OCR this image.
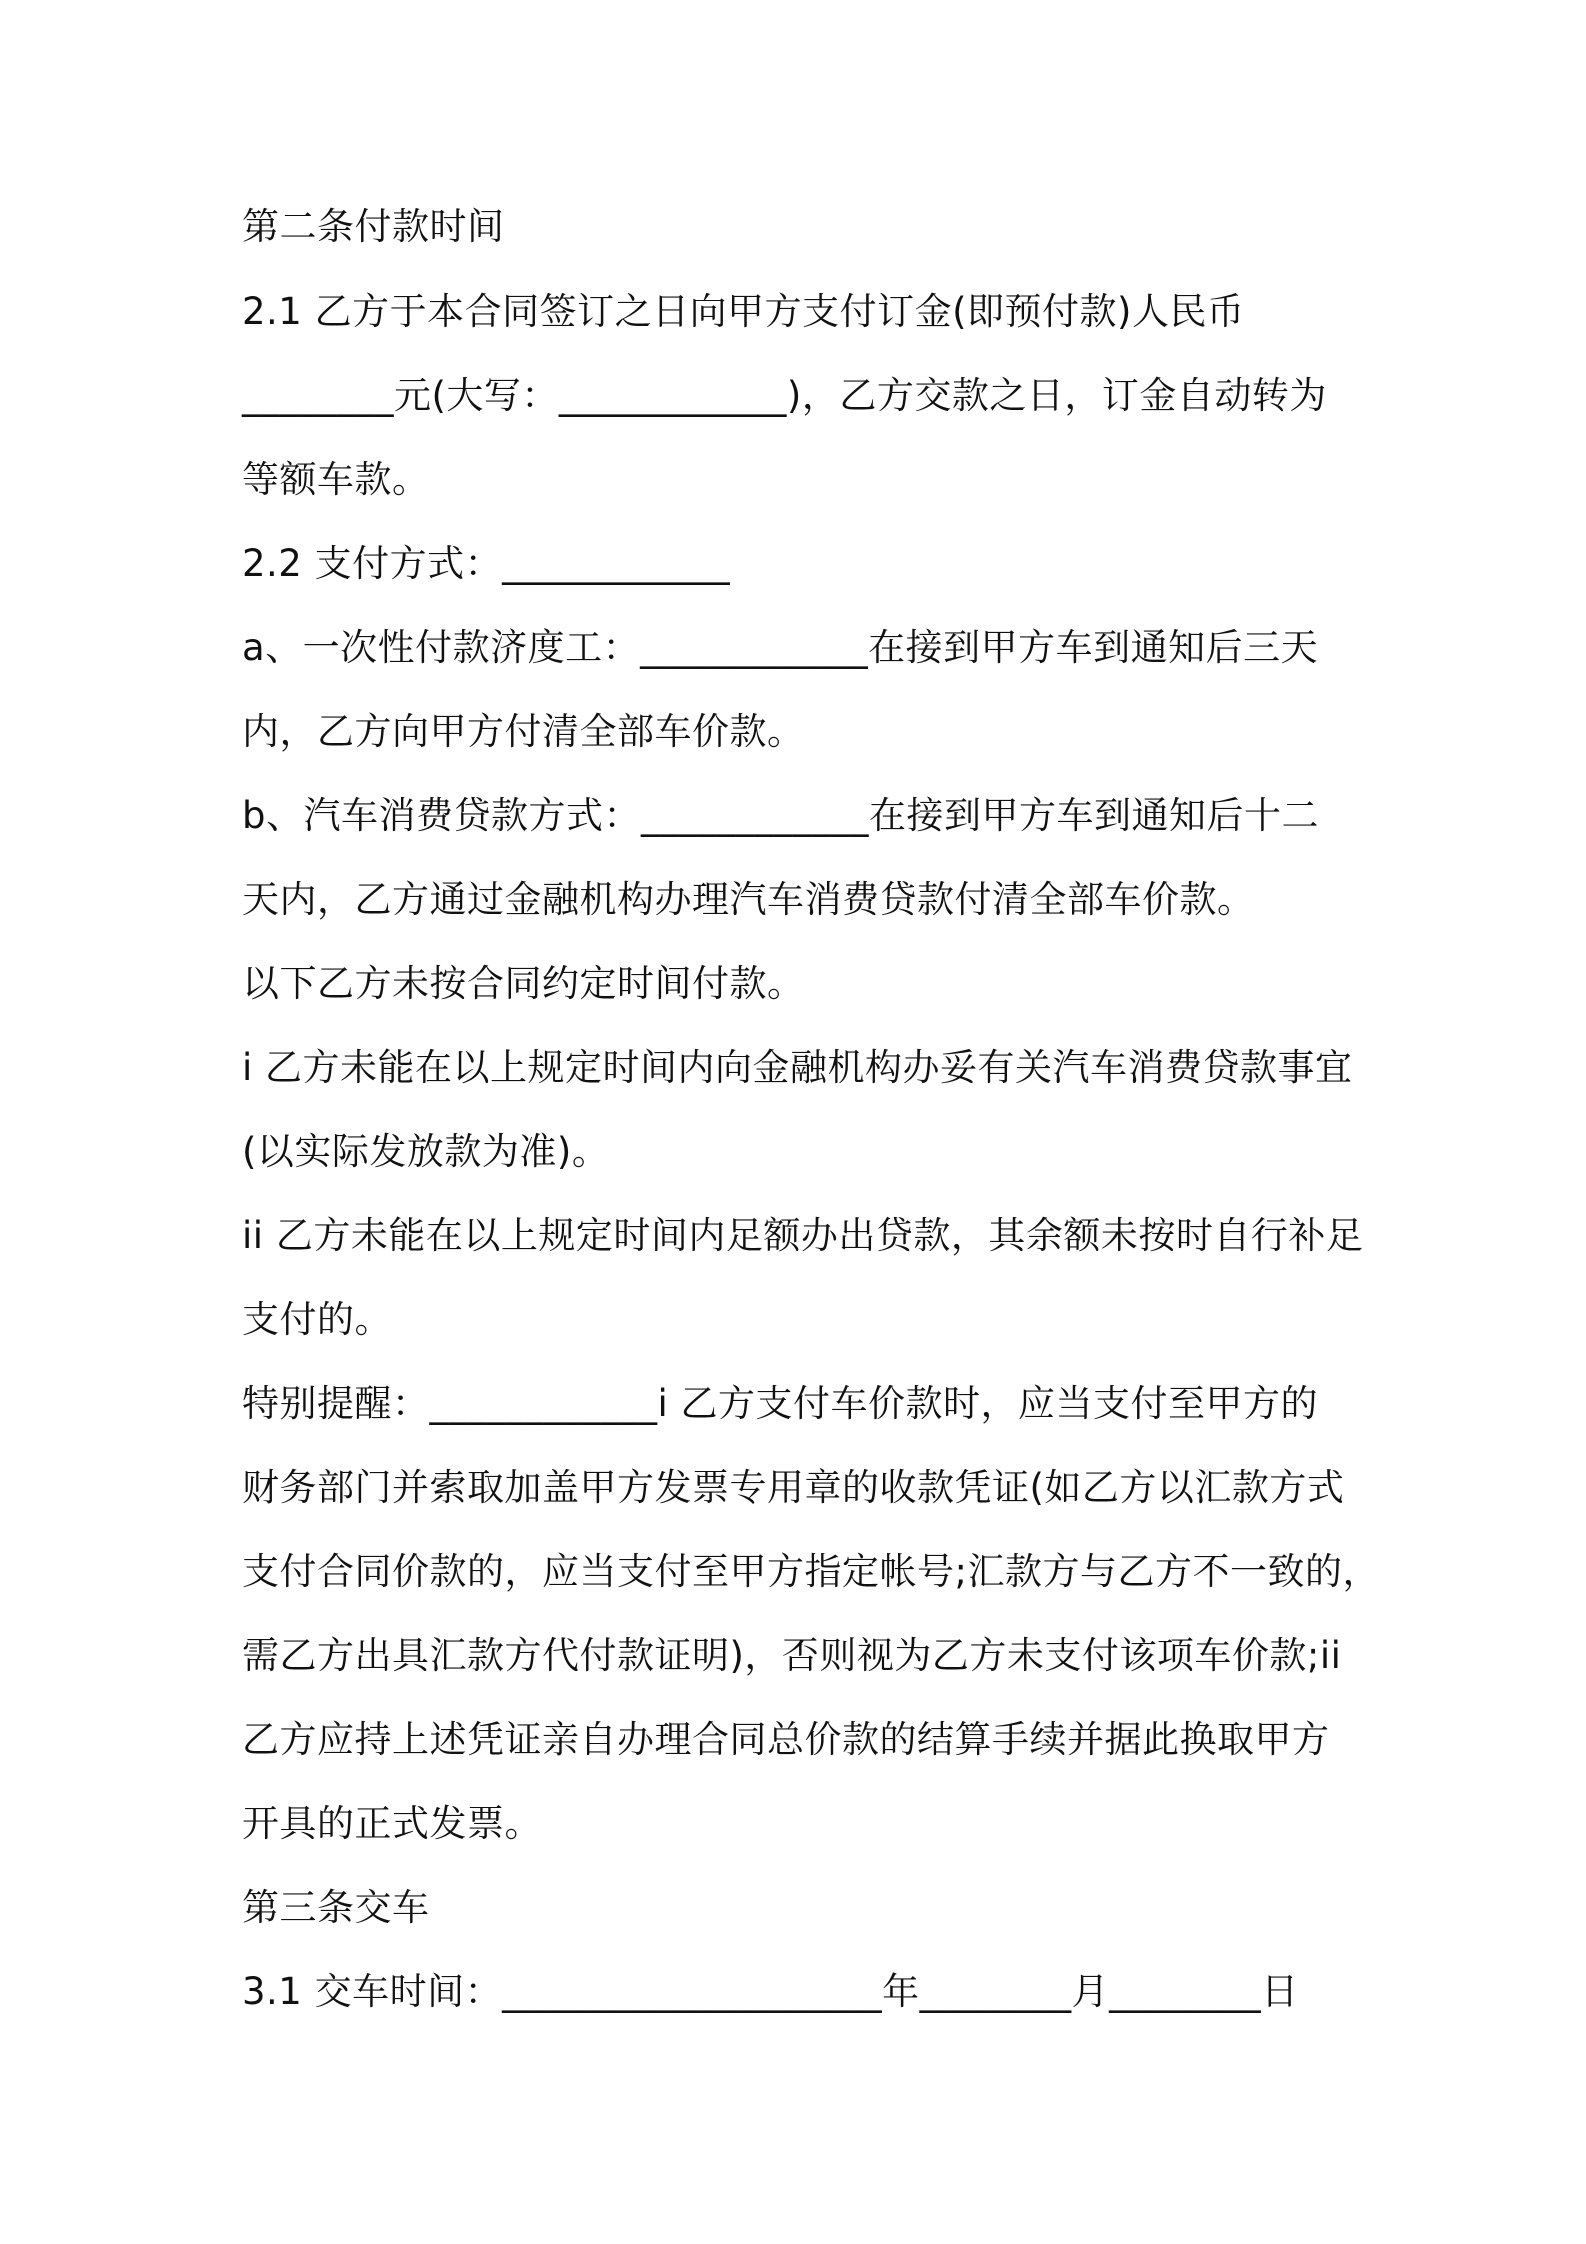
第二条付款时间
2.1 乙方于本合同签订之日向甲方支付订金(即预付款)人民币
________元(大写：____________)，乙方交款之日，订金自动转为
等额车款。
2.2 支付方式：____________
a、一次性付款济度工：____________在接到甲方车到通知后三天
内，乙方向甲方付清全部车价款。
b、汽车消费贷款方式：____________在接到甲方车到通知后十二
天内，乙方通过金融机构办理汽车消费贷款付清全部车价款。
以下乙方未按合同约定时间付款。
i 乙方未能在以上规定时间内向金融机构办妥有关汽车消费贷款事宜
(以实际发放款为准)。
ii 乙方未能在以上规定时间内足额办出贷款，其余额未按时自行补足
支付的。
特别提醒：____________i 乙方支付车价款时，应当支付至甲方的
财务部门并索取加盖甲方发票专用章的收款凭证(如乙方以汇款方式
支付合同价款的，应当支付至甲方指定帐号;汇款方与乙方不一致的，
需乙方出具汇款方代付款证明)，否则视为乙方未支付该项车价款;ii
乙方应持上述凭证亲自办理合同总价款的结算手续并据此换取甲方
开具的正式发票。
第三条交车
3.1 交车时间：____________________年________月________日
